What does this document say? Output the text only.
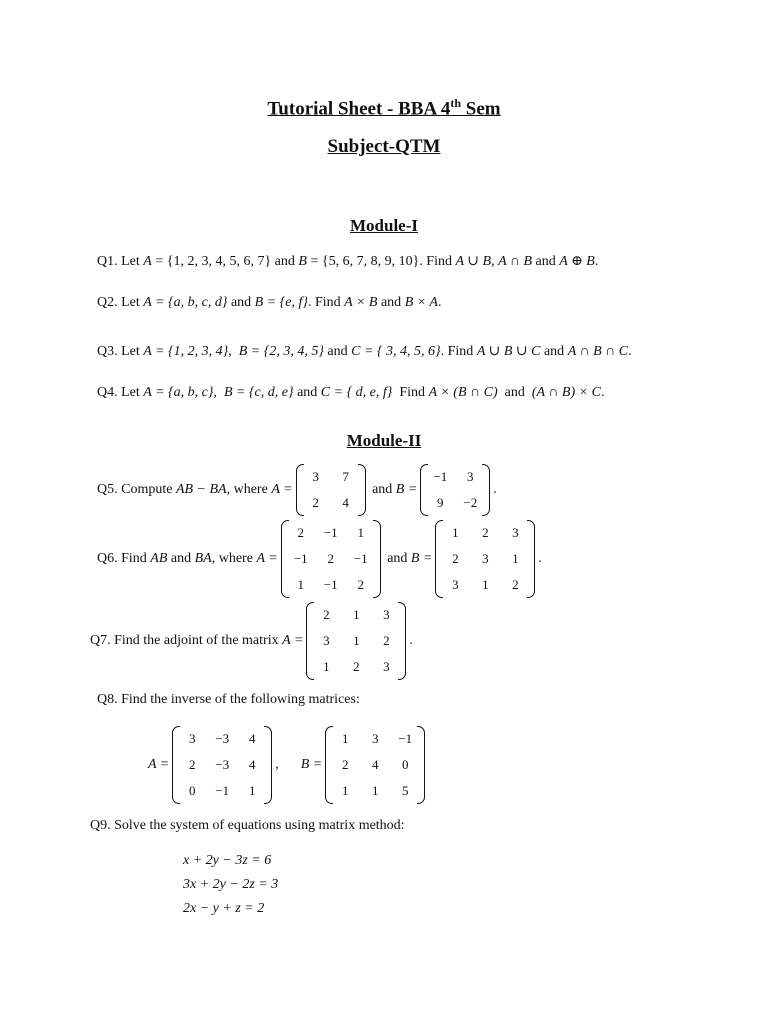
Tutorial Sheet - BBA 4th Sem
Subject-QTM
Module-I
Q1. Let A = {1, 2, 3, 4, 5, 6, 7} and B = {5, 6, 7, 8, 9, 10} . Find A ∪ B , A ∩ B and A ⊕ B .
Q2. Let A = {a, b, c, d} and B = {e, f} . Find A × B and B × A .
Q3. Let A = {1, 2, 3, 4} , B = {2, 3, 4, 5} and C = { 3, 4, 5, 6} . Find A ∪ B ∪ C and A ∩ B ∩ C .
Q4. Let A = {a, b, c} , B = {c, d, e} and C = { d, e, f} Find A × (B ∩ C) and (A ∩ B) × C .
Module-II
Q5. Compute AB − BA , where A =
3	7
2	4
and B =
−1	3
9	−2
.
Q6. Find AB and BA , where A =
2	−1	1
−1	2	−1
1	−1	2
and B =
1	2	3
2	3	1
3	1	2
.
Q7. Find the adjoint of the matrix A =
2	1	3
3	1	2
1	2	3
.
Q8. Find the inverse of the following matrices:
A =
3	−3	4
2	−3	4
0	−1	1
, B =
1	3	−1
2	4	0
1	1	5
Q9. Solve the system of equations using matrix method:
x + 2y − 3z = 6
3x + 2y − 2z = 3
2x − y + z = 2
